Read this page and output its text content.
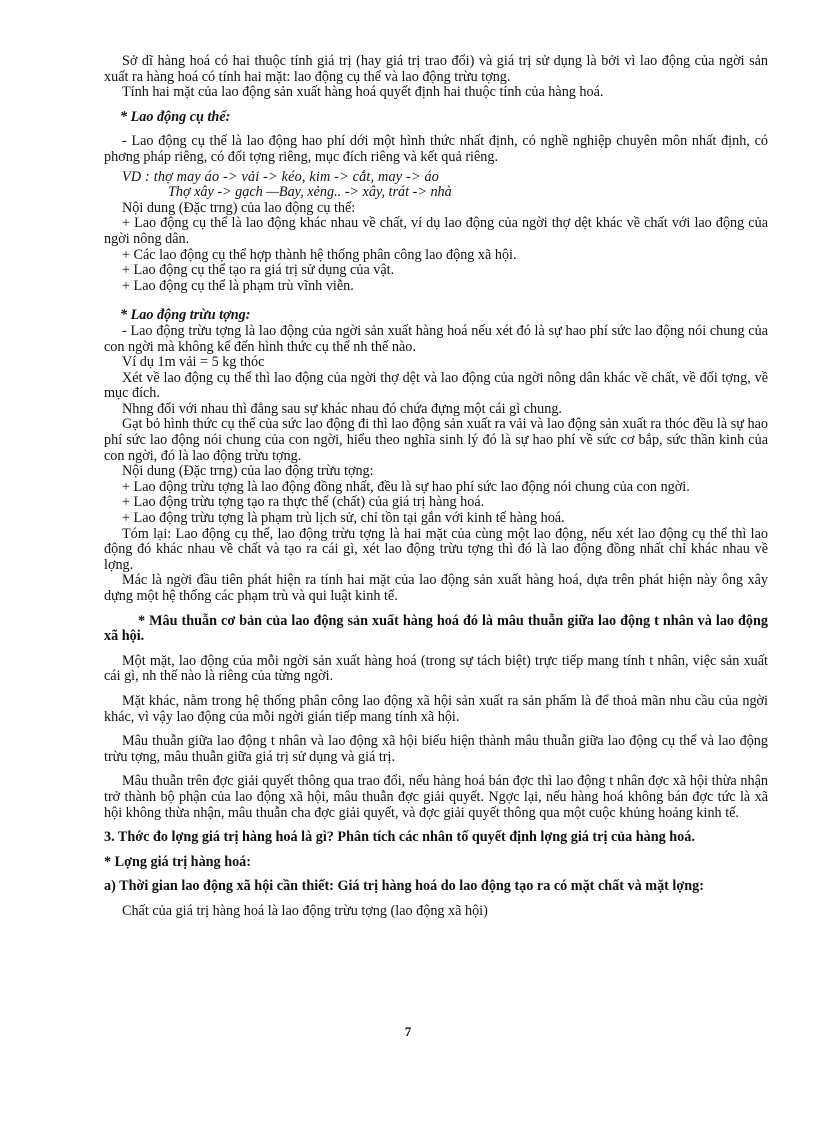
Sở dĩ hàng hoá có hai thuộc tính giá trị (hay giá trị trao đổi) và giá trị sử dụng là bởi vì lao động của ngời sản xuất ra hàng hoá có tính hai mặt: lao động cụ thể và lao động trừu tợng.

Tính hai mặt của lao động sản xuất hàng hoá quyết định hai thuộc tính của hàng hoá.

* Lao động cụ thể:

- Lao động cụ thể là lao động hao phí dới một hình thức nhất định, có nghề nghiệp chuyên môn nhất định, có phơng pháp riêng, có đối tợng riêng, mục đích riêng và kết quả riêng.

VD : thợ may áo -> vải -> kéo, kim -> cắt, may -> áo

Thợ xây -> gạch —Bay, xẻng.. -> xây, trát -> nhà

Nội dung (Đặc trng) của lao động cụ thể:

+ Lao động cụ thể là lao động khác nhau về chất, ví dụ lao động của ngời thợ dệt khác về chất với lao động của ngời nông dân.

+ Các lao động cụ thể hợp thành hệ thống phân công lao động xã hội.

+ Lao động cụ thể tạo ra giá trị sử dụng của vật.

+ Lao động cụ thể là phạm trù vĩnh viễn.

* Lao động trừu tợng:

- Lao động trừu tợng là lao động của ngời sản xuất hàng hoá nếu xét đó là sự hao phí sức lao động nói chung của con ngời mà không kể đến hình thức cụ thể nh thế nào.

Ví dụ 1m vải = 5 kg thóc

Xét về lao động cụ thể thì lao động của ngời thợ dệt và lao động của ngời nông dân khác về chất, về đối tợng, về mục đích.

Nhng đổi với nhau thì đẳng sau sự khác nhau đó chứa đựng một cái gì chung.

Gạt bỏ hình thức cụ thể của sức lao động đi thì lao động sản xuất ra vải và lao động sản xuất ra thóc đều là sự hao phí sức lao động nói chung của con ngời, hiểu theo nghĩa sinh lý đó là sự hao phí về sức cơ bắp, sức thần kinh của con ngời, đó là lao động trừu tợng.

Nội dung (Đặc trng) của lao động trừu tợng:

+ Lao động trừu tợng là lao động đồng nhất, đều là sự hao phí sức lao động nói chung của con ngời.

+ Lao động trừu tợng tạo ra thực thể (chất) của giá trị hàng hoá.

+ Lao động trừu tợng là phạm trù lịch sử, chỉ tồn tại gắn với kinh tế hàng hoá.

Tóm lại: Lao động cụ thể, lao động trừu tợng là hai mặt của cùng một lao động, nếu xét lao động cụ thể thì lao động đó khác nhau về chất và tạo ra cái gì, xét lao động trừu tợng thì đó là lao động đồng nhất chỉ khác nhau về lợng.

Mác là ngời đầu tiên phát hiện ra tính hai mặt của lao động sản xuất hàng hoá, dựa trên phát hiện này ông xây dựng một hệ thống các phạm trù và qui luật kinh tế.

* Mâu thuẫn cơ bản của lao động sản xuất hàng hoá đó là mâu thuẫn giữa lao động t nhân và lao động xã hội.

Một mặt, lao động của mỗi ngời sản xuất hàng hoá (trong sự tách biệt) trực tiếp mang tính t nhân, việc sản xuất cái gì, nh thế nào là riêng của từng ngời.

Mặt khác, nằm trong hệ thống phân công lao động xã hội sản xuất ra sản phẩm là để thoả mãn nhu cầu của ngời khác, vì vậy lao động của mỗi ngời gián tiếp mang tính xã hội.

Mâu thuẫn giữa lao động t nhân và lao động xã hội biểu hiện thành mâu thuẫn giữa lao động cụ thể và lao động trừu tợng, mâu thuẫn giữa giá trị sử dụng và giá trị.

Mâu thuẫn trên đợc giải quyết thông qua trao đổi, nếu hàng hoá bán đợc thì lao động t nhân đợc xã hội thừa nhận trở thành bộ phận của lao động xã hội, mâu thuẫn đợc giải quyết. Ngợc lại, nếu hàng hoá không bán đợc tức là xã hội không thừa nhận, mâu thuẫn cha đợc giải quyết, và đợc giải quyết thông qua một cuộc khủng hoảng kinh tế.

3. Thớc đo lợng giá trị hàng hoá là gì? Phân tích các nhân tố quyết định lợng giá trị của hàng hoá.

* Lợng giá trị hàng hoá:

a) Thời gian lao động xã hội cần thiết: Giá trị hàng hoá do lao động tạo ra có mặt chất và mặt lợng:

Chất của giá trị hàng hoá là lao động trừu tợng (lao động xã hội)

7
